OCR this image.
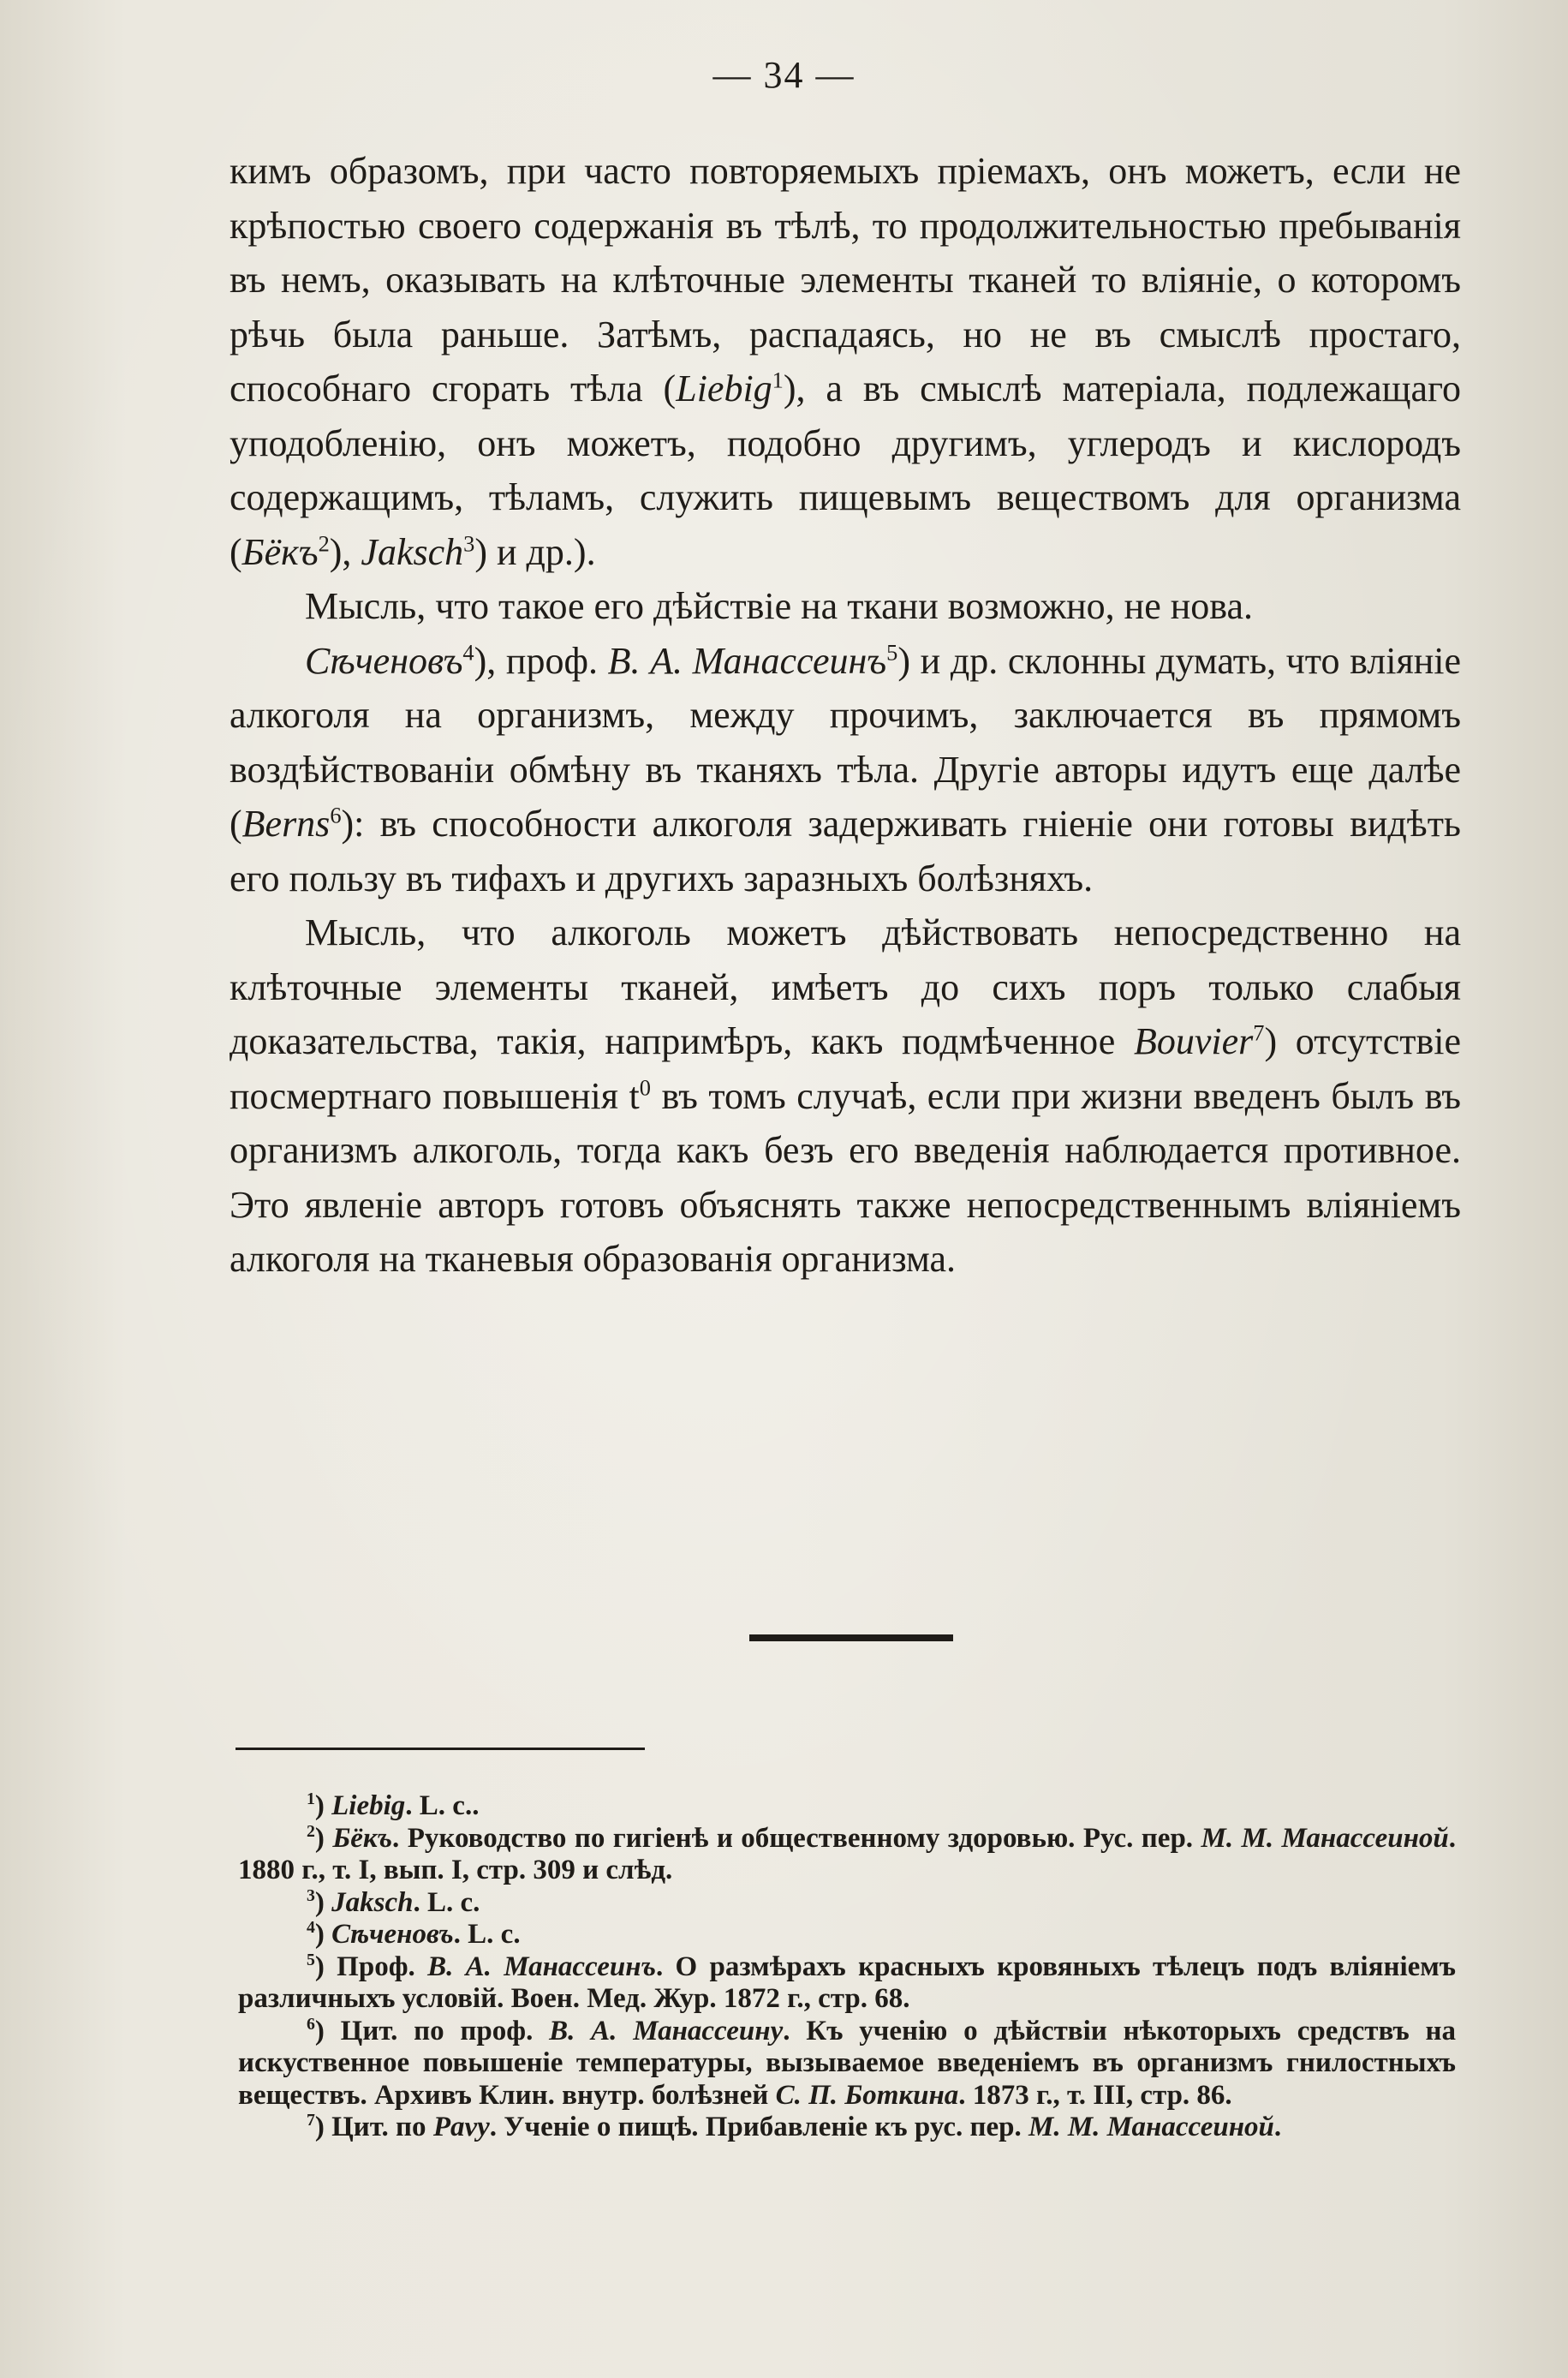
— 34 —

кимъ образомъ, при часто повторяемыхъ пріемахъ, онъ можетъ, если не крѣпостью своего содержанія въ тѣлѣ, то продолжительностью пребыванія въ немъ, оказывать на клѣточные элементы тканей то вліяніе, о которомъ рѣчь была раньше. Затѣмъ, распадаясь, но не въ смыслѣ простаго, способнаго сгорать тѣла (Liebig$^1$), а въ смыслѣ матеріала, подлежащаго уподобленію, онъ можетъ, подобно другимъ, углеродъ и кислородъ содержащимъ, тѣламъ, служить пищевымъ веществомъ для организма (Бёкъ$^2$), Jaksch$^3$) и др.).

Мысль, что такое его дѣйствіе на ткани возможно, не нова.

Сѣченовъ$^4$), проф. В. А. Манассеинъ$^5$) и др. склонны думать, что вліяніе алкоголя на организмъ, между прочимъ, заключается въ прямомъ воздѣйствованіи обмѣну въ тканяхъ тѣла. Другіе авторы идутъ еще далѣе (Berns$^6$): въ способности алкоголя задерживать гніеніе они готовы видѣть его пользу въ тифахъ и другихъ заразныхъ болѣзняхъ.

Мысль, что алкоголь можетъ дѣйствовать непосредственно на клѣточные элементы тканей, имѣетъ до сихъ поръ только слабыя доказательства, такія, напримѣръ, какъ подмѣченное Bouvier$^7$) отсутствіе посмертнаго повышенія $t^0$ въ томъ случаѣ, если при жизни введенъ былъ въ организмъ алкоголь, тогда какъ безъ его введенія наблюдается противное. Это явленіе авторъ готовъ объяснять также непосредственнымъ вліяніемъ алкоголя на тканевыя образованія организма.

$^1$) Liebig. L. c..

$^2$) Бёкъ. Руководство по гигіенѣ и общественному здоровью. Рус. пер. М. М. Манассеиной. 1880 г., т. I, вып. I, стр. 309 и слѣд.

$^3$) Jaksch. L. c.

$^4$) Сѣченовъ. L. c.

$^5$) Проф. В. А. Манассеинъ. О размѣрахъ красныхъ кровяныхъ тѣлецъ подъ вліяніемъ различныхъ условій. Воен. Мед. Жур. 1872 г., стр. 68.

$^6$) Цит. по проф. В. А. Манассеину. Къ ученію о дѣйствіи нѣкоторыхъ средствъ на искуственное повышеніе температуры, вызываемое введеніемъ въ организмъ гнилостныхъ веществъ. Архивъ Клин. внутр. болѣзней С. П. Боткина. 1873 г., т. III, стр. 86.

$^7$) Цит. по Pavy. Ученіе о пищѣ. Прибавленіе къ рус. пер. М. М. Манассеиной.
